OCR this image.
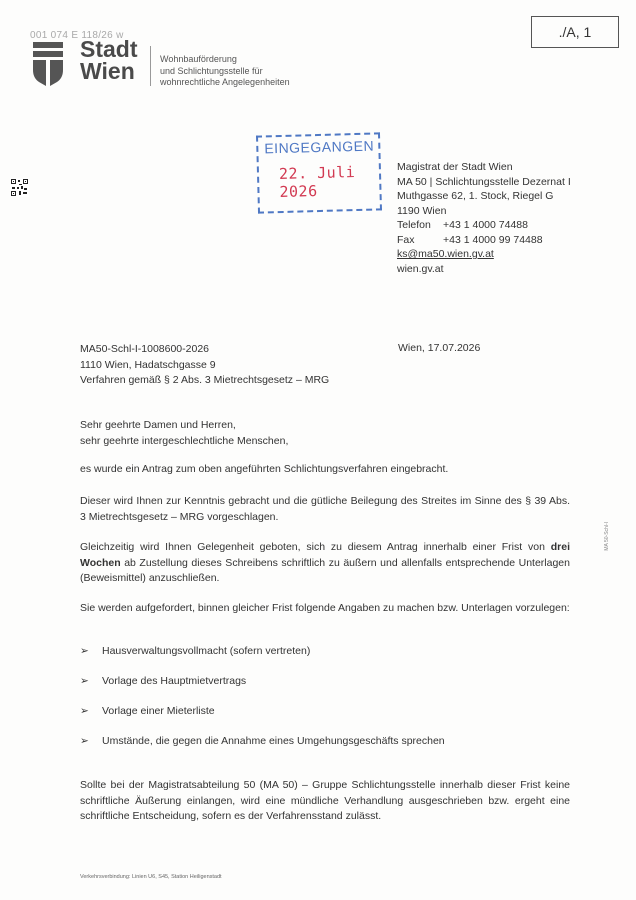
001 074 E 118/26 w	./A, 1
Stadt
Wien	Wohnbauförderung
und Schlichtungsstelle für
wohnrechtliche Angelegenheiten
EINGEGANGEN
22. Juli 2026
Magistrat der Stadt Wien
MA 50 | Schlichtungsstelle Dezernat I
Muthgasse 62, 1. Stock, Riegel G
1190 Wien
Telefon +43 1 4000 74488
Fax	+43 1 4000 99 74488
ks@ma50.wien.gv.at
wien.gv.at
MA50-Schl-I-1008600-2026
1110 Wien, Hadatschgasse 9
Verfahren gemäß § 2 Abs. 3 Mietrechtsgesetz – MRG
Wien, 17.07.2026
Sehr geehrte Damen und Herren,
sehr geehrte intergeschlechtliche Menschen,
es wurde ein Antrag zum oben angeführten Schlichtungsverfahren eingebracht.
Dieser wird Ihnen zur Kenntnis gebracht und die gütliche Beilegung des Streites im Sinne des § 39 Abs. 3 Mietrechtsgesetz – MRG vorgeschlagen.
Gleichzeitig wird Ihnen Gelegenheit geboten, sich zu diesem Antrag innerhalb einer Frist von drei Wochen ab Zustellung dieses Schreibens schriftlich zu äußern und allenfalls entsprechende Unterlagen (Beweismittel) anzuschließen.
Sie werden aufgefordert, binnen gleicher Frist folgende Angaben zu machen bzw. Unterlagen vorzulegen:
➢ Hausverwaltungsvollmacht (sofern vertreten)
➢ Vorlage des Hauptmietvertrags
➢ Vorlage einer Mieterliste
➢ Umstände, die gegen die Annahme eines Umgehungsgeschäfts sprechen
Sollte bei der Magistratsabteilung 50 (MA 50) – Gruppe Schlichtungsstelle innerhalb dieser Frist keine schriftliche Äußerung einlangen, wird eine mündliche Verhandlung ausgeschrieben bzw. ergeht eine schriftliche Entscheidung, sofern es der Verfahrensstand zulässt.
Verkehrsverbindung: Linien U6, S45, Station Heiligenstadt
MA 50-Schl-I
